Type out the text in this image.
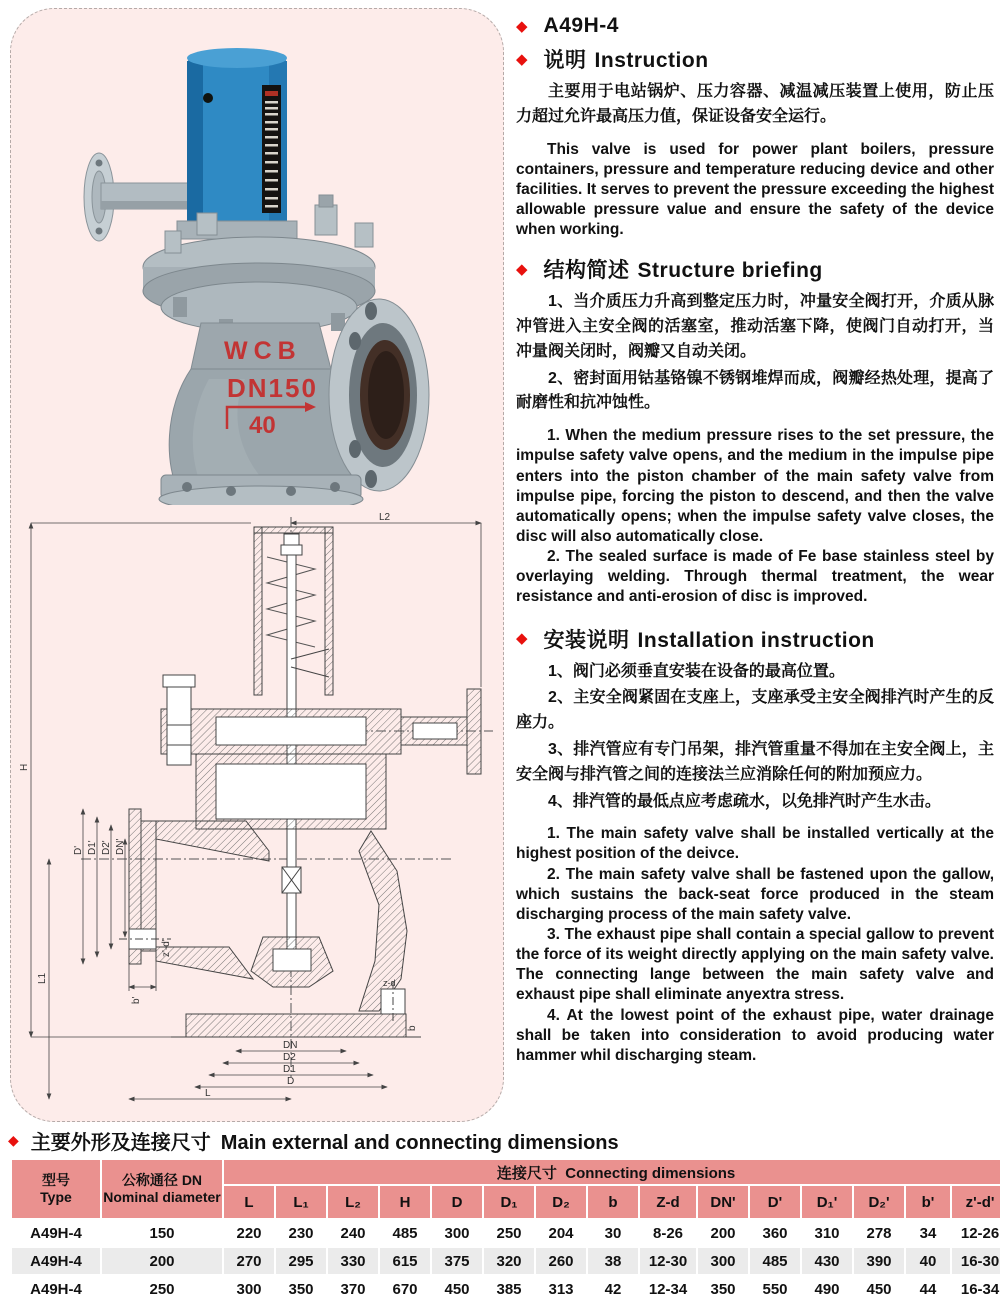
WCB
DN150
40
L2
H
L1
D' D1' D2' DN'
DN
D2
D1
D
L
b'
z'-d'
z-d
b
◆ A49H-4
◆ 说明 Instruction

主要用于电站锅炉、压力容器、减温减压装置上使用，防止压力超过允许最高压力值，保证设备安全运行。

This valve is used for power plant boilers, pressure containers, pressure and temperature reducing device and other facilities. It serves to prevent the pressure exceeding the highest allowable pressure value and ensure the safety of the device when working.

◆ 结构简述 Structure briefing

1、当介质压力升高到整定压力时，冲量安全阀打开，介质从脉冲管进入主安全阀的活塞室，推动活塞下降，使阀门自动打开，当冲量阀关闭时，阀瓣又自动关闭。

2、密封面用钴基铬镍不锈钢堆焊而成，阀瓣经热处理，提高了耐磨性和抗冲蚀性。

1. When the medium pressure rises to the set pressure, the impulse safety valve opens, and the medium in the impulse pipe enters into the piston chamber of the main safety valve from impulse pipe, forcing the piston to descend, and then the valve automatically opens; when the impulse safety valve closes, the disc will also automatically close.

2. The sealed surface is made of Fe base stainless steel by overlaying welding. Through thermal treatment, the wear resistance and anti-erosion of disc is improved.

◆ 安装说明 Installation instruction

1、阀门必须垂直安装在设备的最高位置。

2、主安全阀紧固在支座上，支座承受主安全阀排汽时产生的反座力。

3、排汽管应有专门吊架，排汽管重量不得加在主安全阀上，主安全阀与排汽管之间的连接法兰应消除任何的附加预应力。

4、排汽管的最低点应考虑疏水，以免排汽时产生水击。

1. The main safety valve shall be installed vertically at the highest position of the deivce.

2. The main safety valve shall be fastened upon the gallow, which sustains the back-seat force produced in the steam discharging process of the main safety valve.

3. The exhaust pipe shall contain a special gallow to prevent the force of its weight directly applying on the main safety valve. The connecting lange between the main safety valve and exhaust pipe shall eliminate anyextra stress.

4. At the lowest point of the exhaust pipe, water drainage shall be taken into consideration to avoid producing water hammer whil discharging steam.

◆ 主要外形及连接尺寸 Main external and connecting dimensions
型号
Type

公称通径 DN
Nominal diameter
	连接尺寸 Connecting dimensions
		L	L₁	L₂	H	D	D₁	D₂	b	Z-d	DN'	D'	D₁'	D₂'	b'	z'-d'
A49H-4	150	220	230	240	485	300	250	204	30	8-26	200	360	310	278	34	12-26
A49H-4	200	270	295	330	615	375	320	260	38	12-30	300	485	430	390	40	16-30
A49H-4	250	300	350	370	670	450	385	313	42	12-34	350	550	490	450	44	16-34
